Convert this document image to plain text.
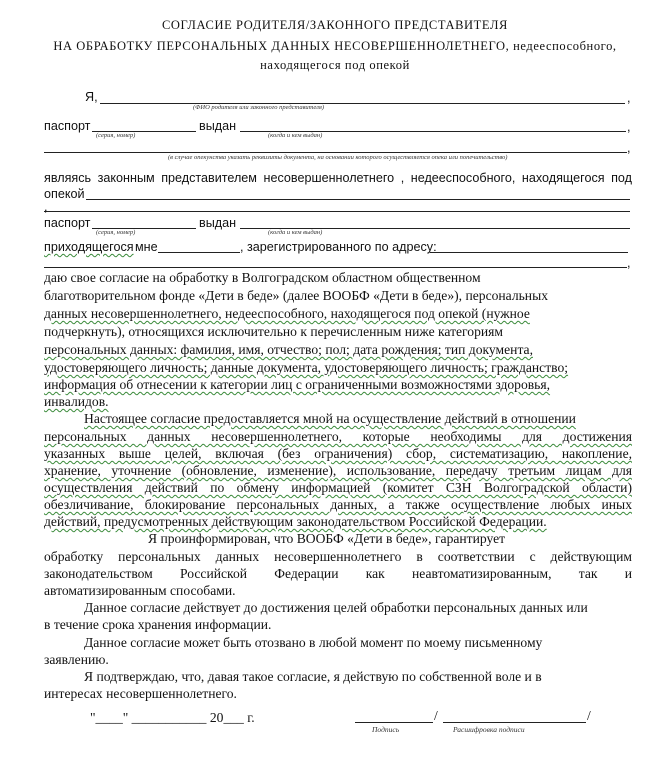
СОГЛАСИЕ РОДИТЕЛЯ/ЗАКОННОГО ПРЕДСТАВИТЕЛЯ
НА ОБРАБОТКУ ПЕРСОНАЛЬНЫХ ДАННЫХ НЕСОВЕРШЕННОЛЕТНЕГО, недееспособного,
находящегося под опекой
Я,	,
(ФИО родителя или законного представителя)
паспорт
(серия, номер)
выдан	,
(когда и кем выдан)
,
(в случае опекунства указать реквизиты документа, на основании которого осуществляется опека или попечительство)
являясь законным представителем несовершеннолетнего , недееспособного, находящегося под
опекой
,
паспорт
(серия, номер)
выдан
(когда и кем выдан)
приходящегося мне	, зарегистрированного по адресу:
,
даю свое согласие на обработку в Волгоградском областном общественном
благотворительном фонде «Дети в беде» (далее ВООБФ «Дети в беде»), персональных
данных несовершеннолетнего, недееспособного, находящегося под опекой (нужное
подчеркнуть), относящихся исключительно к перечисленным ниже категориям
персональных данных: фамилия, имя, отчество; пол; дата рождения; тип документа,
удостоверяющего личность; данные документа, удостоверяющего личность; гражданство;
информация об отнесении к категории лиц с ограниченными возможностями здоровья,
инвалидов.
Настоящее согласие предоставляется мной на осуществление действий в отношении
персональных данных несовершеннолетнего, которые необходимы для достижения
указанных выше целей, включая (без ограничения) сбор, систематизацию, накопление,
хранение, уточнение (обновление, изменение), использование, передачу третьим лицам для
осуществления действий по обмену информацией (комитет СЗН Волгоградской области)
обезличивание, блокирование персональных данных, а также осуществление любых иных
действий, предусмотренных действующим законодательством Российской Федерации.
Я проинформирован, что ВООБФ «Дети в беде», гарантирует
обработку персональных данных несовершеннолетнего в соответствии с действующим
законодательством Российской Федерации как неавтоматизированным, так и
автоматизированным способами.
Данное согласие действует до достижения целей обработки персональных данных или
в течение срока хранения информации.
Данное согласие может быть отозвано в любой момент по моему письменному
заявлению.
Я подтверждаю, что, давая такое согласие, я действую по собственной воле и в
интересах несовершеннолетнего.
"____" ___________ 20___ г.	/	/
Подпись	Расшифровка подписи
